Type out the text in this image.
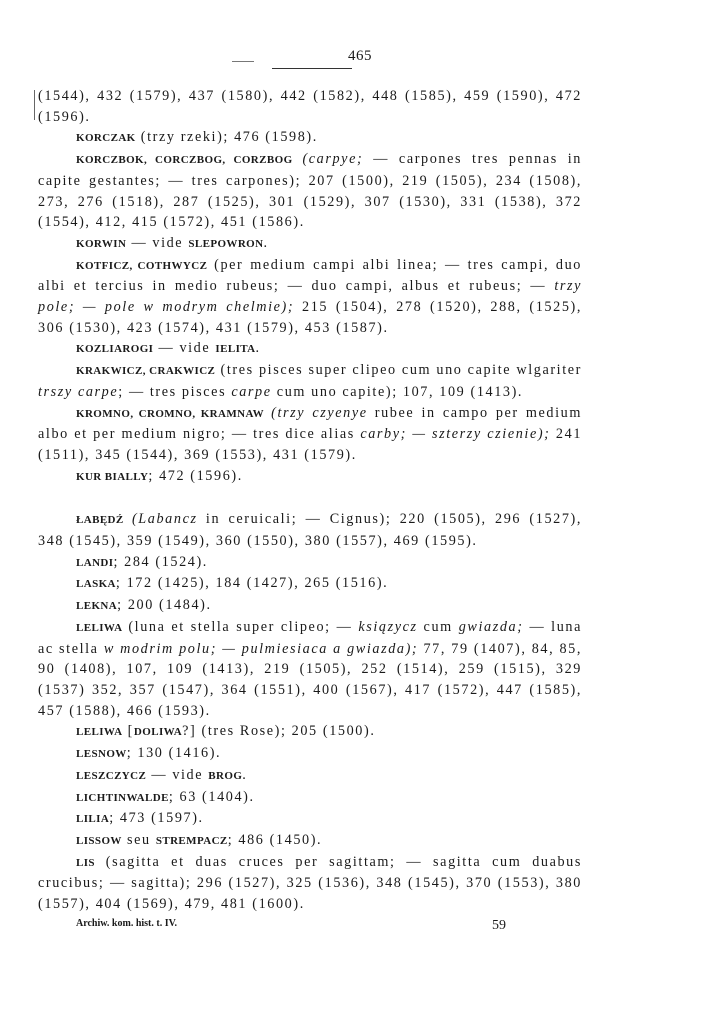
465

(1544), 432 (1579), 437 (1580), 442 (1582), 448 (1585), 459 (1590), 472 (1596).

KORCZAK (trzy rzeki); 476 (1598).

KORCZBOK, CORCZBOG, CORZBOG (carpye; — carpones tres pennas in capite gestantes; — tres carpones); 207 (1500), 219 (1505), 234 (1508), 273, 276 (1518), 287 (1525), 301 (1529), 307 (1530), 331 (1538), 372 (1554), 412, 415 (1572), 451 (1586).

KORWIN — vide SLEPOWRON.

KOTFICZ, COTHWYCZ (per medium campi albi linea; — tres campi, duo albi et tercius in medio rubeus; — duo campi, albus et rubeus; — trzy pole; — pole w modrym chelmie); 215 (1504), 278 (1520), 288, (1525), 306 (1530), 423 (1574), 431 (1579), 453 (1587).

KOZLIAROGI — vide IELITA.

KRAKWICZ, CRAKWICZ (tres pisces super clipeo cum uno capite wlgariter trszy carpe; — tres pisces carpe cum uno capite); 107, 109 (1413).

KROMNO, CROMNO, KRAMNAW (trzy czyenye rubee in campo per medium albo et per medium nigro; — tres dice alias carby; — szterzy czienie); 241 (1511), 345 (1544), 369 (1553), 431 (1579).

KUR BIALLY; 472 (1596).

ŁABĘDŹ (Labancz in ceruicali; — Cignus); 220 (1505), 296 (1527), 348 (1545), 359 (1549), 360 (1550), 380 (1557), 469 (1595).

LANDI; 284 (1524).

LASKA; 172 (1425), 184 (1427), 265 (1516).

LEKNA; 200 (1484).

LELIWA (luna et stella super clipeo; — ksiązycz cum gwiazda; — luna ac stella w modrim polu; — pulmiesiaca a gwiazda); 77, 79 (1407), 84, 85, 90 (1408), 107, 109 (1413), 219 (1505), 252 (1514), 259 (1515), 329 (1537) 352, 357 (1547), 364 (1551), 400 (1567), 417 (1572), 447 (1585), 457 (1588), 466 (1593).

LELIWA [DOLIWA?] (tres Rose); 205 (1500).

LESNOW; 130 (1416).

LESZCZYCZ — vide BROG.

LICHTINWALDE; 63 (1404).

LILIA; 473 (1597).

LISSOW seu STREMPACZ; 486 (1450).

LIS (sagitta et duas cruces per sagittam; — sagitta cum duabus crucibus; — sagitta); 296 (1527), 325 (1536), 348 (1545), 370 (1553), 380 (1557), 404 (1569), 479, 481 (1600).

Archiw. kom. hist. t. IV.	59
